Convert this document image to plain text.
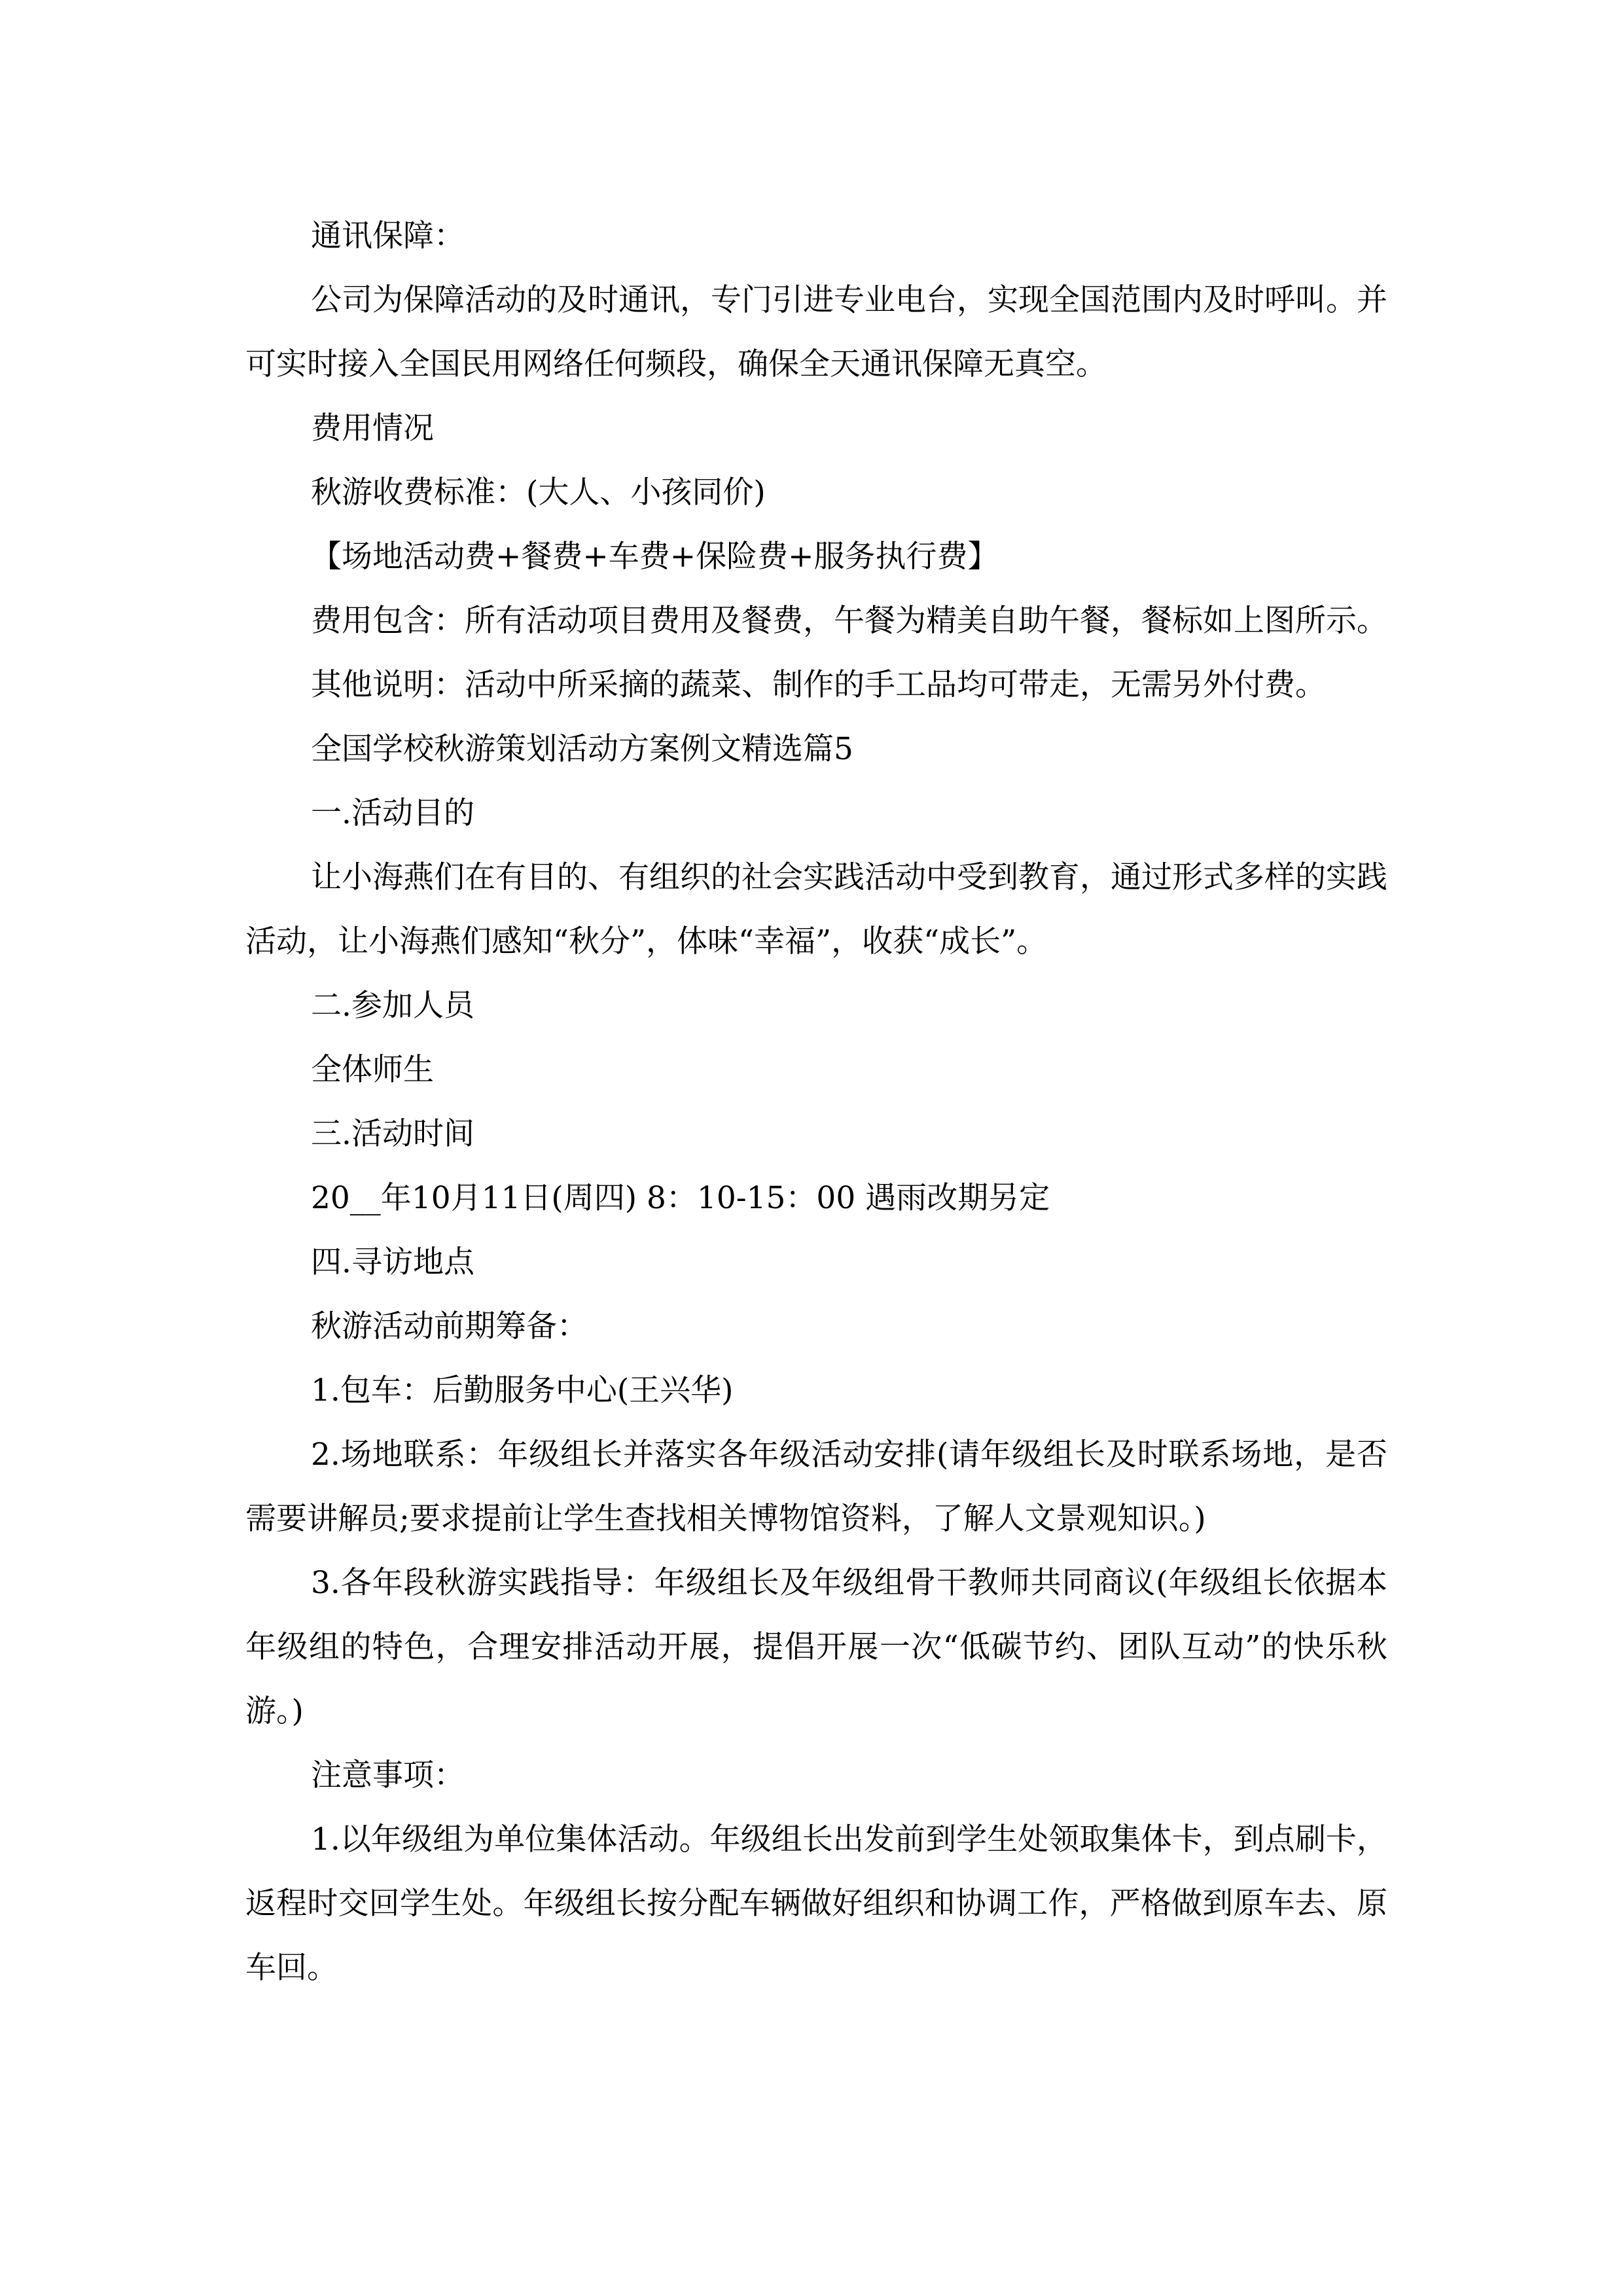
通讯保障：

公司为保障活动的及时通讯，专门引进专业电台，实现全国范围内及时呼叫。并可实时接入全国民用网络任何频段，确保全天通讯保障无真空。

费用情况

秋游收费标准：(大人、小孩同价)

【场地活动费+餐费+车费+保险费+服务执行费】

费用包含：所有活动项目费用及餐费，午餐为精美自助午餐，餐标如上图所示。

其他说明：活动中所采摘的蔬菜、制作的手工品均可带走，无需另外付费。

全国学校秋游策划活动方案例文精选篇5

一.活动目的

让小海燕们在有目的、有组织的社会实践活动中受到教育，通过形式多样的实践活动，让小海燕们感知“秋分”，体味“幸福”，收获“成长”。

二.参加人员

全体师生

三.活动时间

20__年10月11日(周四) 8：10-15：00 遇雨改期另定

四.寻访地点

秋游活动前期筹备：

1.包车：后勤服务中心(王兴华)

2.场地联系：年级组长并落实各年级活动安排(请年级组长及时联系场地，是否需要讲解员;要求提前让学生查找相关博物馆资料，了解人文景观知识。)

3.各年段秋游实践指导：年级组长及年级组骨干教师共同商议(年级组长依据本年级组的特色，合理安排活动开展，提倡开展一次“低碳节约、团队互动”的快乐秋游。)

注意事项：

1.以年级组为单位集体活动。年级组长出发前到学生处领取集体卡，到点刷卡，返程时交回学生处。年级组长按分配车辆做好组织和协调工作，严格做到原车去、原车回。
